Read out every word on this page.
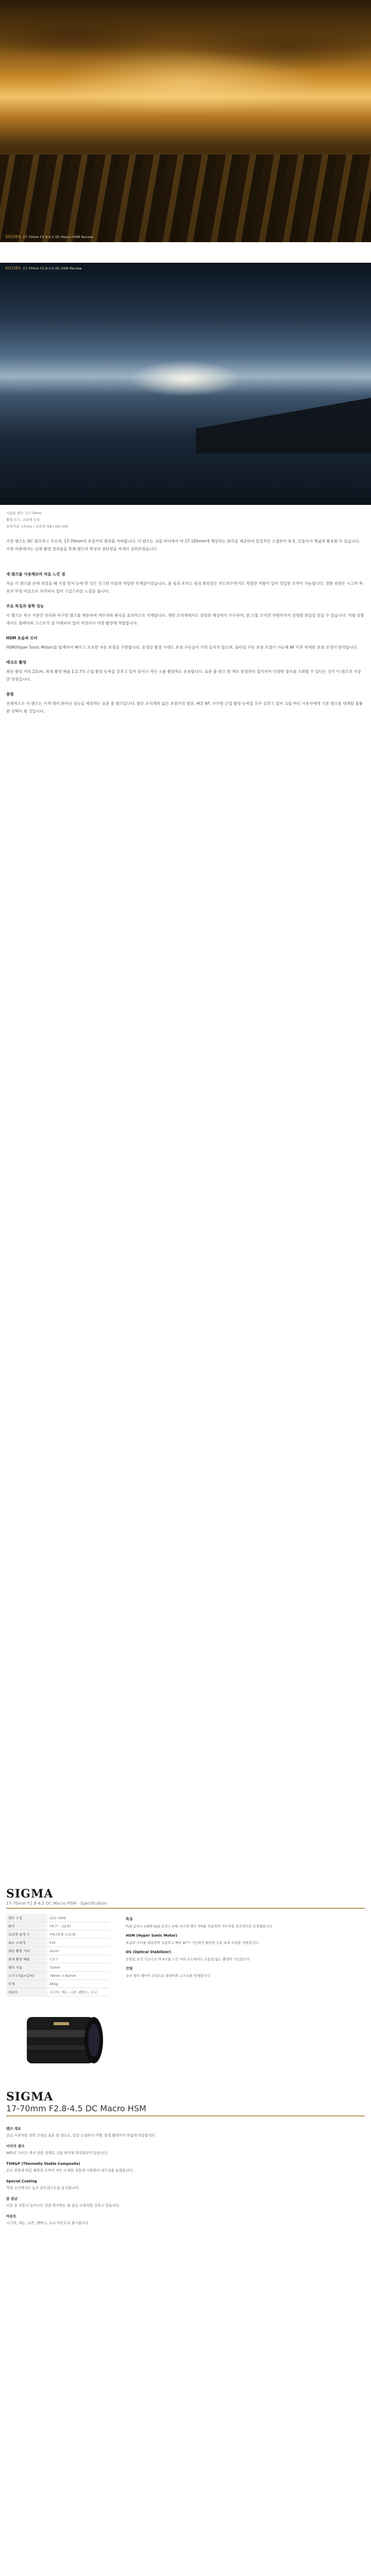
SIGMA 17-70mm F2.8-4.5 DC Macro HSM Review
SIGMA 17-70mm F2.8-4.5 DC HSM Review

사용된 렌즈: 17-70mm
촬영 모드: 조리개 우선
초점거리: 17mm / 조리개: f/8 / ISO 100

기존 렌즈는 DC 렌즈라고 부르며, 17-70mm의 초점거리 범위를 커버합니다. 이 렌즈는 크롭 바디에서 약 27-105mm에 해당하는 화각을 제공하며 일상적인 스냅부터 풍경, 인물까지 폭넓게 활용할 수 있습니다. 이번 리뷰에서는 실제 촬영 결과물을 통해 렌즈의 특성과 장단점을 자세히 살펴보겠습니다.

새 렌즈를 사용해보며 처음 느낀 점

처음 이 렌즈를 손에 쥐었을 때 가장 먼저 눈에 띈 것은 견고한 마감과 적당한 무게감이었습니다. 줌 링과 포커스 링의 회전감은 부드러우면서도 적절한 저항이 있어 정밀한 조작이 가능합니다. 경통 외관은 시그마 특유의 무광 마감으로 처리되어 있어 고급스러운 느낌을 줍니다.

주요 특징과 광학 성능

이 렌즈는 특수 저분산 유리와 비구면 렌즈를 채용하여 색수차와 왜곡을 효과적으로 억제합니다. 개방 조리개에서도 중앙부 해상력이 우수하며, 한 스톱 조이면 주변부까지 선명한 화질을 얻을 수 있습니다. 역광 상황에서도 플레어와 고스트가 잘 억제되어 있어 석양이나 야경 촬영에 적합합니다.

HSM 초음파 모터

HSM(Hyper Sonic Motor)을 탑재하여 빠르고 조용한 자동 초점을 구현합니다. 동영상 촬영 시에도 초점 구동음이 거의 들리지 않으며, 풀타임 수동 초점 조절이 가능해 AF 이후 미세한 초점 보정이 편리합니다.

매크로 촬영

최단 촬영 거리 22cm, 최대 촬영 배율 1:2.7의 근접 촬영 능력을 갖추고 있어 꽃이나 작은 소품 촬영에도 유용합니다. 표준 줌 렌즈 한 개로 풍경부터 접사까지 다양한 장르를 소화할 수 있다는 것이 이 렌즈의 가장 큰 장점입니다.

총평

전체적으로 이 렌즈는 가격 대비 뛰어난 성능을 제공하는 표준 줌 렌즈입니다. 밝은 조리개와 넓은 초점거리 범위, 빠른 AF, 우수한 근접 촬영 능력을 모두 갖추고 있어 크롭 바디 사용자에게 기본 렌즈를 대체할 훌륭한 선택이 될 것입니다.

SIGMA
17-70mm F2.8-4.5 DC Macro HSM - Specification
렌즈 구성	12군 16매
화각	79.7° - 22.9°
조리개 날개 수	7매 (원형 조리개)
최소 조리개	F22
최단 촬영 거리	22cm
최대 촬영 배율	1:2.7
필터 지름	72mm
크기 (지름×길이)	79mm × 82mm
무게	465g
마운트	시그마, 캐논, 니콘, 펜탁스, 소니
특징

FLD 글라스 1매와 SLD 글라스 2매, 비구면 렌즈 3매를 적용하여 색수차를 효과적으로 보정했습니다.

HSM (Hyper Sonic Motor)

초음파 모터를 채용하여 조용하고 빠른 AF가 가능하며 풀타임 수동 초점 조절을 지원합니다.

OS (Optical Stabilizer)

손떨림 보정 기능으로 약 4스톱 느린 셔터 속도에서도 흔들림 없는 촬영이 가능합니다.

코팅

슈퍼 멀티 레이어 코팅으로 플레어와 고스트를 억제합니다.

SIGMA
17-70mm F2.8-4.5 DC Macro HSM
렌즈 개요

중급 사용자를 위한 고성능 표준 줌 렌즈로, 일상 스냅부터 여행, 풍경 촬영까지 폭넓게 대응합니다.

이미지 센서

APS-C 사이즈 센서 전용 설계로 크롭 바디에 최적화되어 있습니다.

TSM&P (Thermally Stable Composite)

온도 변화에 따른 팽창과 수축이 적은 소재를 경통에 사용하여 내구성을 높였습니다.

Special Coating

역광 조건에서도 높은 콘트라스트를 유지합니다.

줌 잠금

이동 중 경통이 늘어나는 것을 방지하는 줌 잠금 스위치를 갖추고 있습니다.

마운트

시그마, 캐논, 니콘, 펜탁스, 소니 마운트로 출시됩니다.
